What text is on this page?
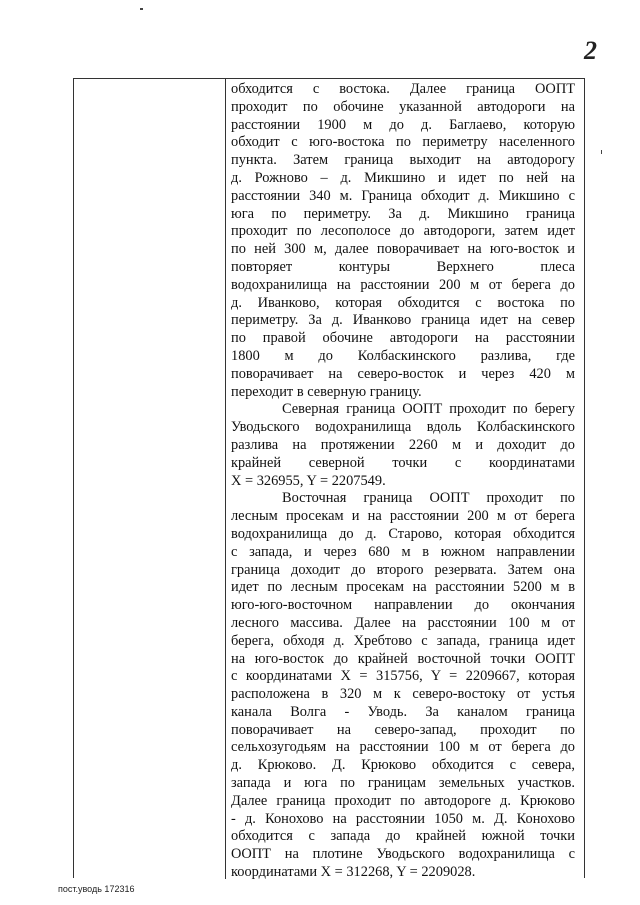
2
обходится с востока. Далее граница ООПТ
проходит по обочине указанной автодороги на
расстоянии 1900 м до д. Баглаево, которую
обходит с юго-востока по периметру населенного
пункта. Затем граница выходит на автодорогу
д. Рожново – д. Микшино и идет по ней на
расстоянии 340 м. Граница обходит д. Микшино с
юга по периметру. За д. Микшино граница
проходит по лесополосе до автодороги, затем идет
по ней 300 м, далее поворачивает на юго-восток и
повторяет контуры Верхнего плеса
водохранилища на расстоянии 200 м от берега до
д. Иванково, которая обходится с востока по
периметру. За д. Иванково граница идет на север
по правой обочине автодороги на расстоянии
1800 м до Колбаскинского разлива, где
поворачивает на северо-восток и через 420 м
переходит в северную границу.
Северная граница ООПТ проходит по берегу
Уводьского водохранилища вдоль Колбаскинского
разлива на протяжении 2260 м и доходит до
крайней северной точки с координатами
X = 326955, Y = 2207549.
Восточная граница ООПТ проходит по
лесным просекам и на расстоянии 200 м от берега
водохранилища до д. Старово, которая обходится
с запада, и через 680 м в южном направлении
граница доходит до второго резервата. Затем она
идет по лесным просекам на расстоянии 5200 м в
юго-юго-восточном направлении до окончания
лесного массива. Далее на расстоянии 100 м от
берега, обходя д. Хребтово с запада, граница идет
на юго-восток до крайней восточной точки ООПТ
с координатами X = 315756, Y = 2209667, которая
расположена в 320 м к северо-востоку от устья
канала Волга - Уводь. За каналом граница
поворачивает на северо-запад, проходит по
сельхозугодьям на расстоянии 100 м от берега до
д. Крюково. Д. Крюково обходится с севера,
запада и юга по границам земельных участков.
Далее граница проходит по автодороге д. Крюково
- д. Конохово на расстоянии 1050 м. Д. Конохово
обходится с запада до крайней южной точки
ООПТ на плотине Уводьского водохранилища с
координатами X = 312268, Y = 2209028.
пост.уводь 172316
